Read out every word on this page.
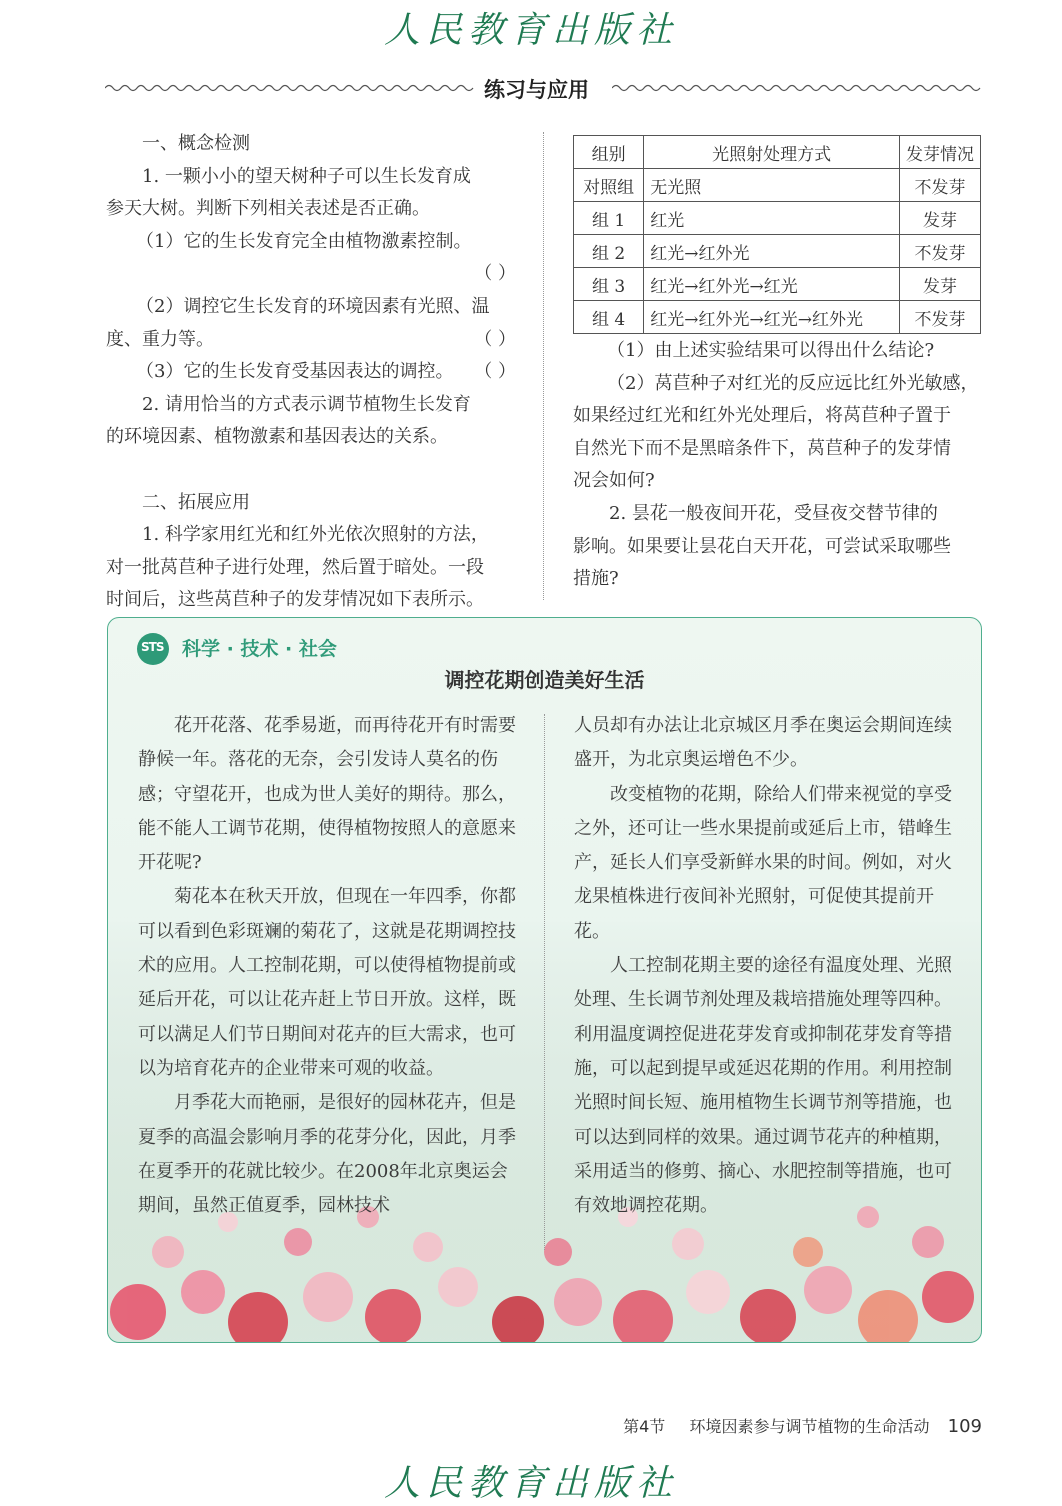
人民教育出版社
练习与应用
一、概念检测
1. 一颗小小的望天树种子可以生长发育成
参天大树。判断下列相关表述是否正确。
（1）它的生长发育完全由植物激素控制。
（ ）
（2）调控它生长发育的环境因素有光照、温
度、重力等。	（ ）
（3）它的生长发育受基因表达的调控。 （ ）
2. 请用恰当的方式表示调节植物生长发育
的环境因素、植物激素和基因表达的关系。
二、拓展应用
1. 科学家用红光和红外光依次照射的方法，
对一批莴苣种子进行处理，然后置于暗处。一段
时间后，这些莴苣种子的发芽情况如下表所示。
组别	光照射处理方式	发芽情况
对照组	无光照	不发芽
组 1	红光	发芽
组 2	红光→红外光	不发芽
组 3	红光→红外光→红光	发芽
组 4	红光→红外光→红光→红外光	不发芽
（1）由上述实验结果可以得出什么结论?
（2）莴苣种子对红光的反应远比红外光敏感，
如果经过红光和红外光处理后，将莴苣种子置于
自然光下而不是黑暗条件下，莴苣种子的发芽情
况会如何?
2. 昙花一般夜间开花，受昼夜交替节律的
影响。如果要让昙花白天开花，可尝试采取哪些
措施?
STS 科学 · 技术 · 社会
调控花期创造美好生活

花开花落、花季易逝，而再待花开有时需要静候一年。落花的无奈，会引发诗人莫名的伤感；守望花开，也成为世人美好的期待。那么，能不能人工调节花期，使得植物按照人的意愿来开花呢?

菊花本在秋天开放，但现在一年四季，你都可以看到色彩斑斓的菊花了，这就是花期调控技术的应用。人工控制花期，可以使得植物提前或延后开花，可以让花卉赶上节日开放。这样，既可以满足人们节日期间对花卉的巨大需求，也可以为培育花卉的企业带来可观的收益。

月季花大而艳丽，是很好的园林花卉，但是夏季的高温会影响月季的花芽分化，因此，月季在夏季开的花就比较少。在2008年北京奥运会期间，虽然正值夏季，园林技术

人员却有办法让北京城区月季在奥运会期间连续盛开，为北京奥运增色不少。

改变植物的花期，除给人们带来视觉的享受之外，还可让一些水果提前或延后上市，错峰生产，延长人们享受新鲜水果的时间。例如，对火龙果植株进行夜间补光照射，可促使其提前开花。

人工控制花期主要的途径有温度处理、光照处理、生长调节剂处理及栽培措施处理等四种。利用温度调控促进花芽发育或抑制花芽发育等措施，可以起到提早或延迟花期的作用。利用控制光照时间长短、施用植物生长调节剂等措施，也可以达到同样的效果。通过调节花卉的种植期，采用适当的修剪、摘心、水肥控制等措施，也可有效地调控花期。

第4节 环境因素参与调节植物的生命活动 109
人民教育出版社
